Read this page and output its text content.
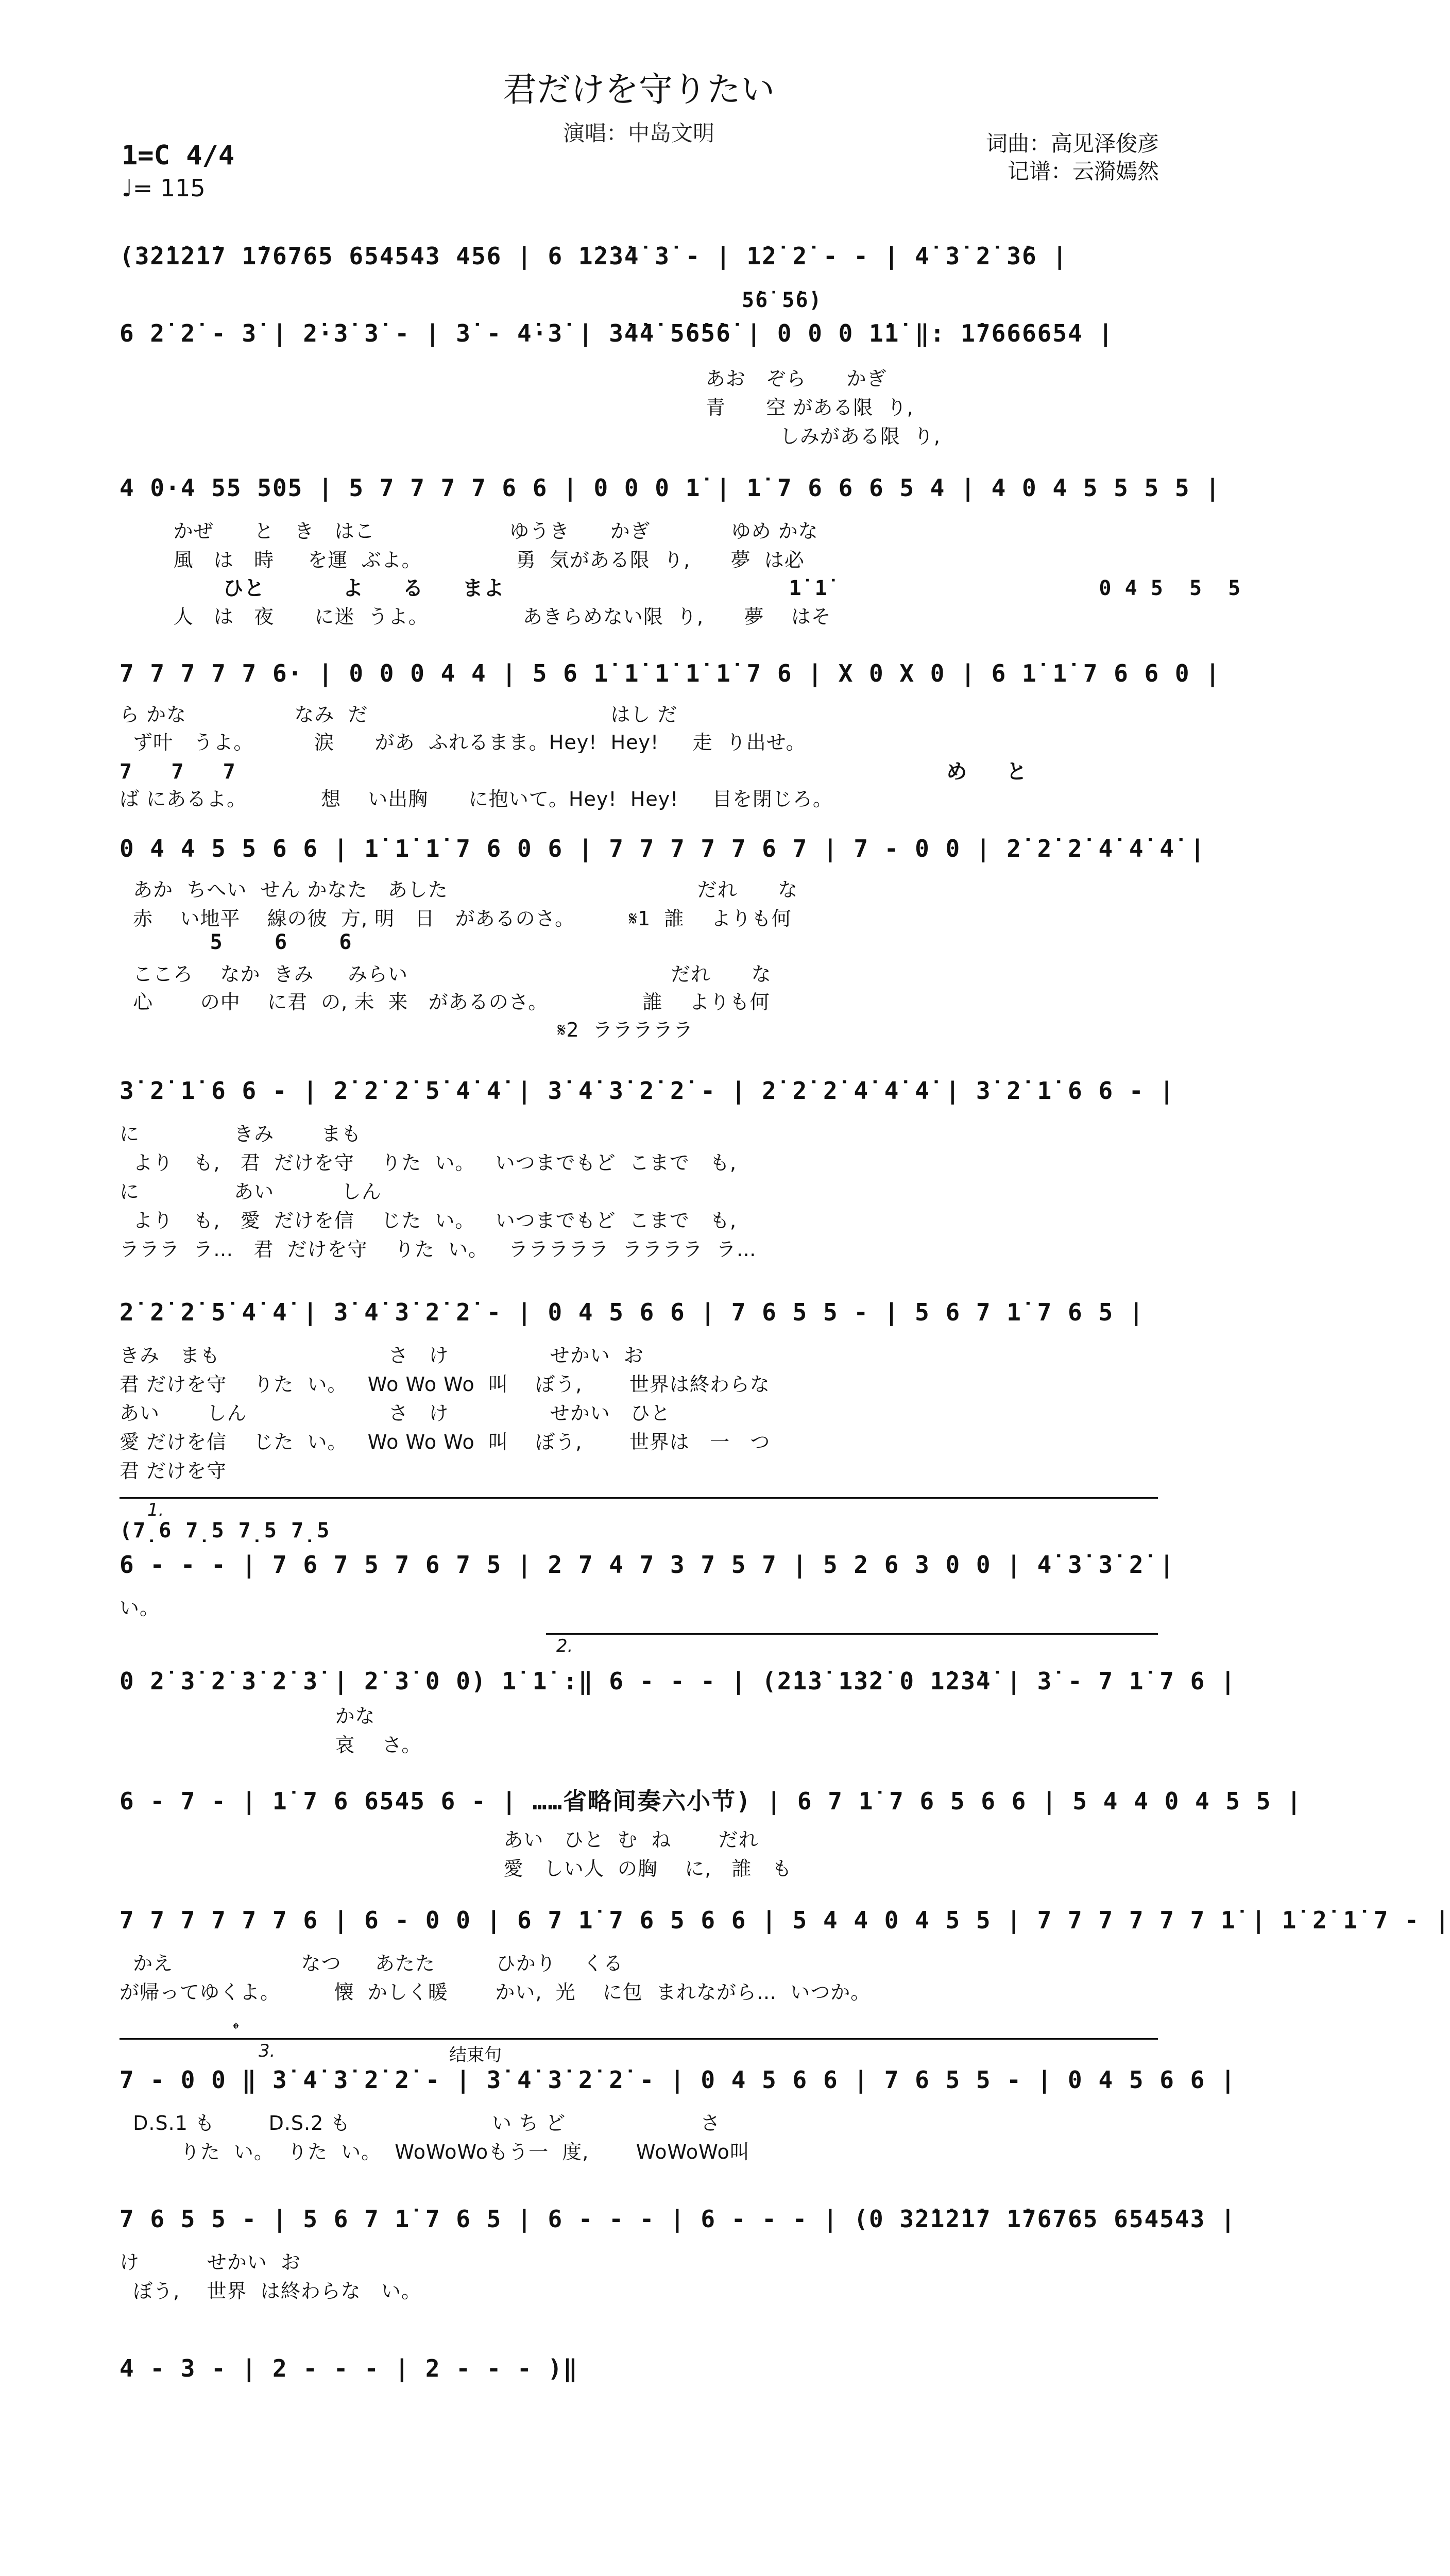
君だけを守りたい
演唱：中岛文明	词曲：高见泽俊彦
记谱：云漪嫣然
1=C 4/4
♩= 115
(3̇2̇1̇2̇1̇7 1̇76765 654543 456 | 6 1̇2̇3̇4̇ 3̇ - | 1̇2̇ 2̇ - - | 4̇ 3̇ 2̇ 3̇6 |
5̇6̇ 5̇6̇)
6 2̇ 2̇ - 3̇ | 2̇·3̇ 3̇ - | 3̇ - 4̇·3̇ | 3̇4̇4̇ 5̇6̇5̇6̇ | 0 0 0 1̇1̇ ‖: 1̇7666654 |
あお   ぞら      かぎ
青      空 がある限  り,
しみがある限  り,
4 0·4 55 505 | 5 7 7 7 7 6 6 | 0 0 0 1̇ | 1̇ 7 6 6 6 5 4 | 4 0 4 5 5 5 5 |
かぜ      と   き   はこ                    ゆうき      かぎ            ゆめ かな
風   は   時     を運  ぶよ。              勇  気がある限  り,      夢  は必
ひと      よ   る   まよ                      1̇ 1̇                     0 4 5  5  5
人   は   夜      に迷  うよ。              あきらめない限  り,      夢    はそ
7 7 7 7 7 6· | 0 0 0 4 4 | 5 6 1̇ 1̇ 1̇ 1̇ 1̇ 7 6 | X 0 X 0 | 6 1̇ 1̇ 7 6 6 0 |
ら かな                なみ  だ                                    はし だ
ず叶   うよ。         涙      があ  ふれるまま。Hey!  Hey!     走  り出せ。
7   7   7                                                       め   と
ば にあるよ。           想    い出胸      に抱いて。Hey!  Hey!     目を閉じろ。
0 4 4 5 5 6 6 | 1̇ 1̇ 1̇ 7 6 0 6 | 7 7 7 7 7 6 7 | 7 - 0 0 | 2̇ 2̇ 2̇ 4̇ 4̇ 4̇ |
あか  ちへい  せん かなた   あした                                     だれ      な
赤    い地平    線の彼  方, 明   日   があるのさ。        𝄋1  誰    よりも何
5    6    6
こころ    なか  きみ     みらい                                       だれ      な
心       の中    に君  の, 未  来   があるのさ。              誰    よりも何
𝄋2  ラララララ
3̇ 2̇ 1̇ 6 6 - | 2̇ 2̇ 2̇ 5̇ 4̇ 4̇ | 3̇ 4̇ 3̇ 2̇ 2̇ - | 2̇ 2̇ 2̇ 4̇ 4̇ 4̇ | 3̇ 2̇ 1̇ 6 6 - |
に              きみ       まも
より   も,   君  だけを守    りた  い。   いつまでもど  こまで   も,
に              あい          しん
より   も,   愛  だけを信    じた  い。   いつまでもど  こまで   も,
ラララ  ラ…   君  だけを守    りた  い。   ラララララ  ララララ  ラ…
2̇ 2̇ 2̇ 5̇ 4̇ 4̇ | 3̇ 4̇ 3̇ 2̇ 2̇ - | 0 4 5 6 6 | 7 6 5 5 - | 5 6 7 1̇ 7 6 5 |
きみ   まも                         さ   け               せかい  お
君 だけを守    りた  い。   Wo Wo Wo  叫    ぼう,       世界は終わらな
あい       しん                     さ   け               せかい   ひと
愛 だけを信    じた  い。   Wo Wo Wo  叫    ぼう,       世界は   一   つ
君 だけを守
1.
(7̣6 7̣5 7̣5 7̣5
6 - - - | 7 6 7 5 7 6 7 5 | 2 7 4 7 3 7 5 7 | 5 2 6 3 0 0 | 4̇ 3̇ 3̇ 2̇ |
い。
2.
0 2̇ 3̇ 2̇ 3̇ 2̇ 3̇ | 2̇ 3̇ 0 0) 1̇ 1̇ :‖ 6 - - - | (2̇1̇3̇ 1̇3̇2̇ 0 1̇2̇3̇4̇ | 3̇ - 7 1̇ 7 6 |
かな
哀    さ。
6 - 7 - | 1̇ 7 6 6545 6 - | ……省略间奏六小节) | 6 7 1̇ 7 6 5 6 6 | 5 4 4 0 4 5 5 |
あい   ひと  む  ね       だれ
愛   しい人  の胸    に,   誰   も
7 7 7 7 7 7 6 | 6 - 0 0 | 6 7 1̇ 7 6 5 6 6 | 5 4 4 0 4 5 5 | 7 7 7 7 7 7 1̇ | 1̇ 2̇ 1̇ 7 - |
かえ                   なつ     あたた         ひかり    くる
が帰ってゆくよ。        懐  かしく暖       かい,  光    に包  まれながら…  いつか。
𝄌
3.	结束句
7 - 0 0 ‖ 3̇ 4̇ 3̇ 2̇ 2̇ - | 3̇ 4̇ 3̇ 2̇ 2̇ - | 0 4 5 6 6 | 7 6 5 5 - | 0 4 5 6 6 |
D.S.1 も        D.S.2 も                     い ち ど                    さ
りた  い。  りた  い。  WoWoWoもう一  度,       WoWoWo叫
7 6 5 5 - | 5 6 7 1̇ 7 6 5 | 6 - - - | 6 - - - | (0 3̇2̇1̇2̇1̇7 1̇76765 654543 |
け          せかい  お
ぼう,    世界  は終わらな   い。
4 - 3 - | 2 - - - | 2 - - - )‖
